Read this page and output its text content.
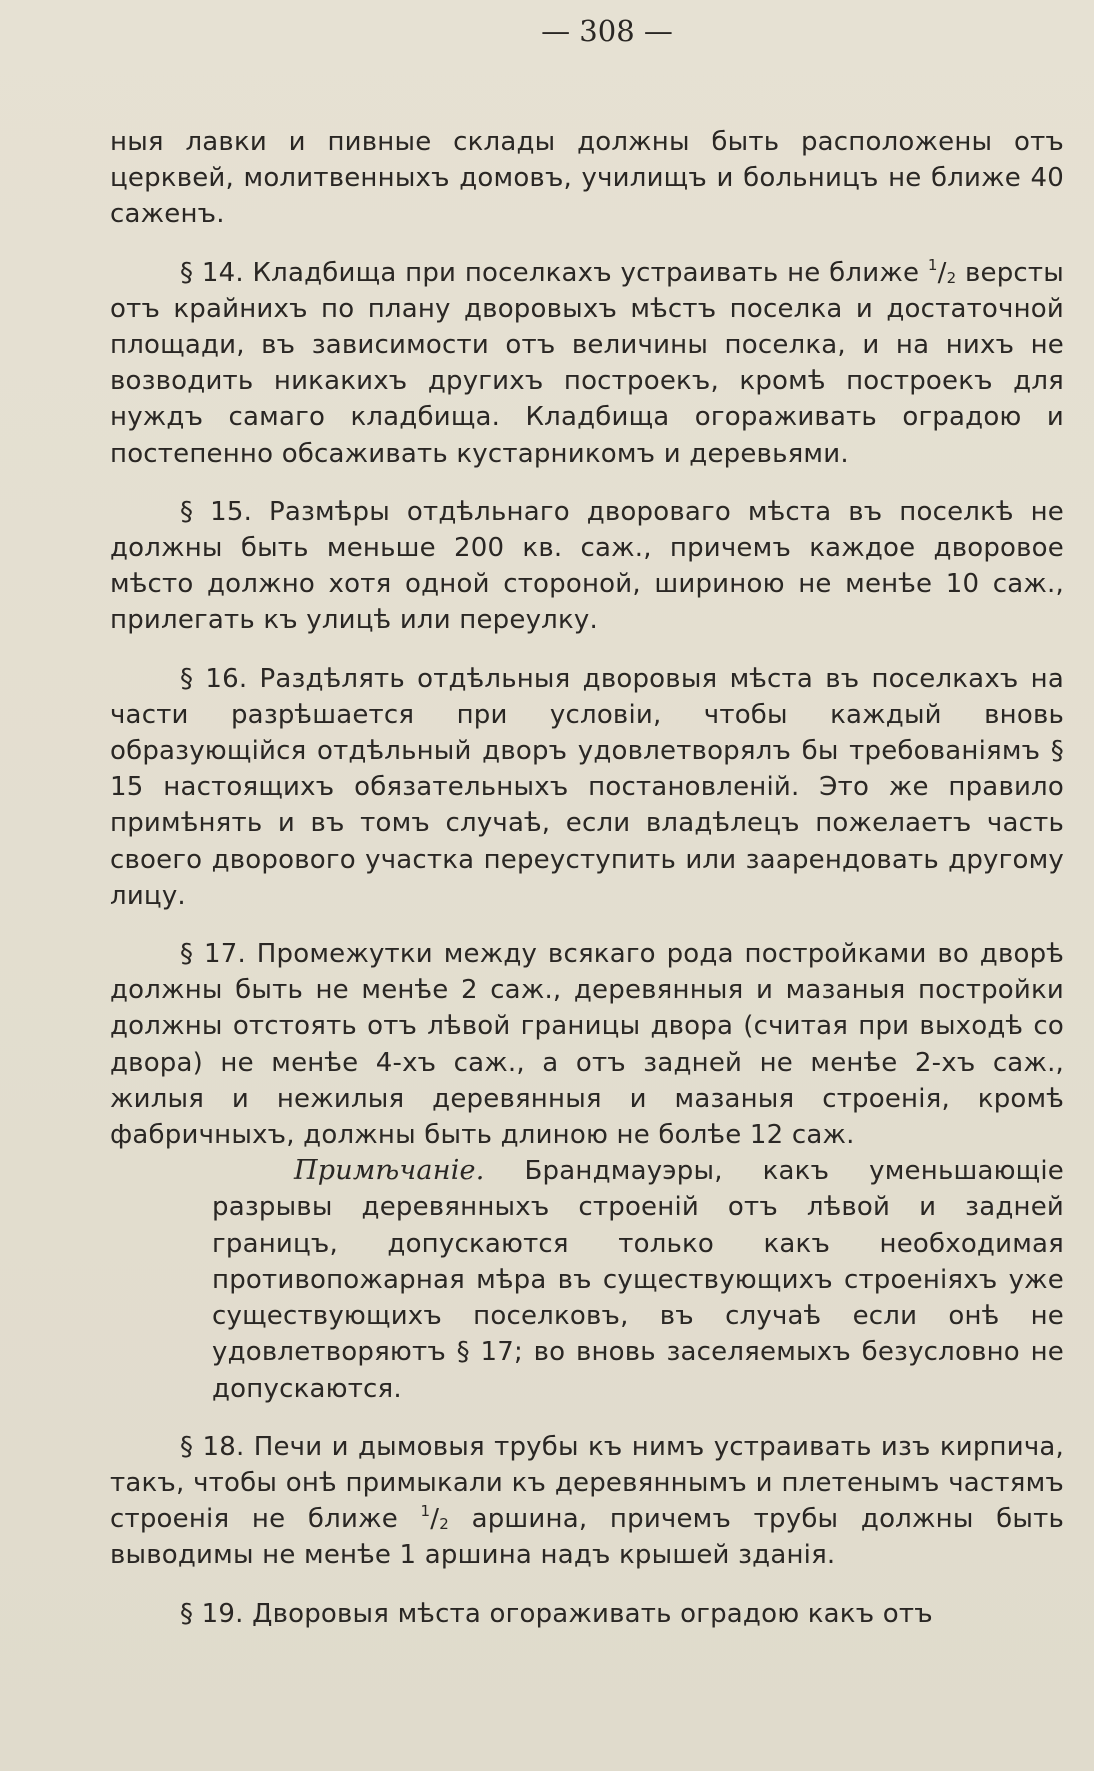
— 308 —

ныя лавки и пивные склады должны быть расположены отъ церквей, молитвенныхъ домовъ, училищъ и больницъ не ближе 40 саженъ.

§ 14. Кладбища при поселкахъ устраивать не ближе $^1/_2$ версты отъ крайнихъ по плану дворовыхъ мѣстъ поселка и достаточной площади, въ зависимости отъ величины поселка, и на нихъ не возводить никакихъ другихъ построекъ, кромѣ построекъ для нуждъ самаго кладбища. Кладбища огораживать оградою и постепенно обсаживать кустарникомъ и деревьями.

§ 15. Размѣры отдѣльнаго двороваго мѣста въ поселкѣ не должны быть меньше 200 кв. саж., причемъ каждое дворовое мѣсто должно хотя одной стороной, шириною не менѣе 10 саж., прилегать къ улицѣ или переулку.

§ 16. Раздѣлять отдѣльныя дворовыя мѣста въ поселкахъ на части разрѣшается при условіи, чтобы каждый вновь образующійся отдѣльный дворъ удовлетворялъ бы требованіямъ § 15 настоящихъ обязательныхъ постановленій. Это же правило примѣнять и въ томъ случаѣ, если владѣлецъ пожелаетъ часть своего дворового участка переуступить или заарендовать другому лицу.

§ 17. Промежутки между всякаго рода постройками во дворѣ должны быть не менѣе 2 саж., деревянныя и мазаныя постройки должны отстоять отъ лѣвой границы двора (считая при выходѣ со двора) не менѣе 4-хъ саж., а отъ задней не менѣе 2-хъ саж., жилыя и нежилыя деревянныя и мазаныя строенія, кромѣ фабричныхъ, должны быть длиною не болѣе 12 саж.

Примѣчаніе. Брандмауэры, какъ уменьшающіе разрывы деревянныхъ строеній отъ лѣвой и задней границъ, допускаются только какъ необходимая противопожарная мѣра въ существующихъ строеніяхъ уже существующихъ поселковъ, въ случаѣ если онѣ не удовлетворяютъ § 17; во вновь заселяемыхъ безусловно не допускаются.

§ 18. Печи и дымовыя трубы къ нимъ устраивать изъ кирпича, такъ, чтобы онѣ примыкали къ деревяннымъ и плетенымъ частямъ строенія не ближе $^1/_2$ аршина, причемъ трубы должны быть выводимы не менѣе 1 аршина надъ крышей зданія.

§ 19. Дворовыя мѣста огораживать оградою какъ отъ
